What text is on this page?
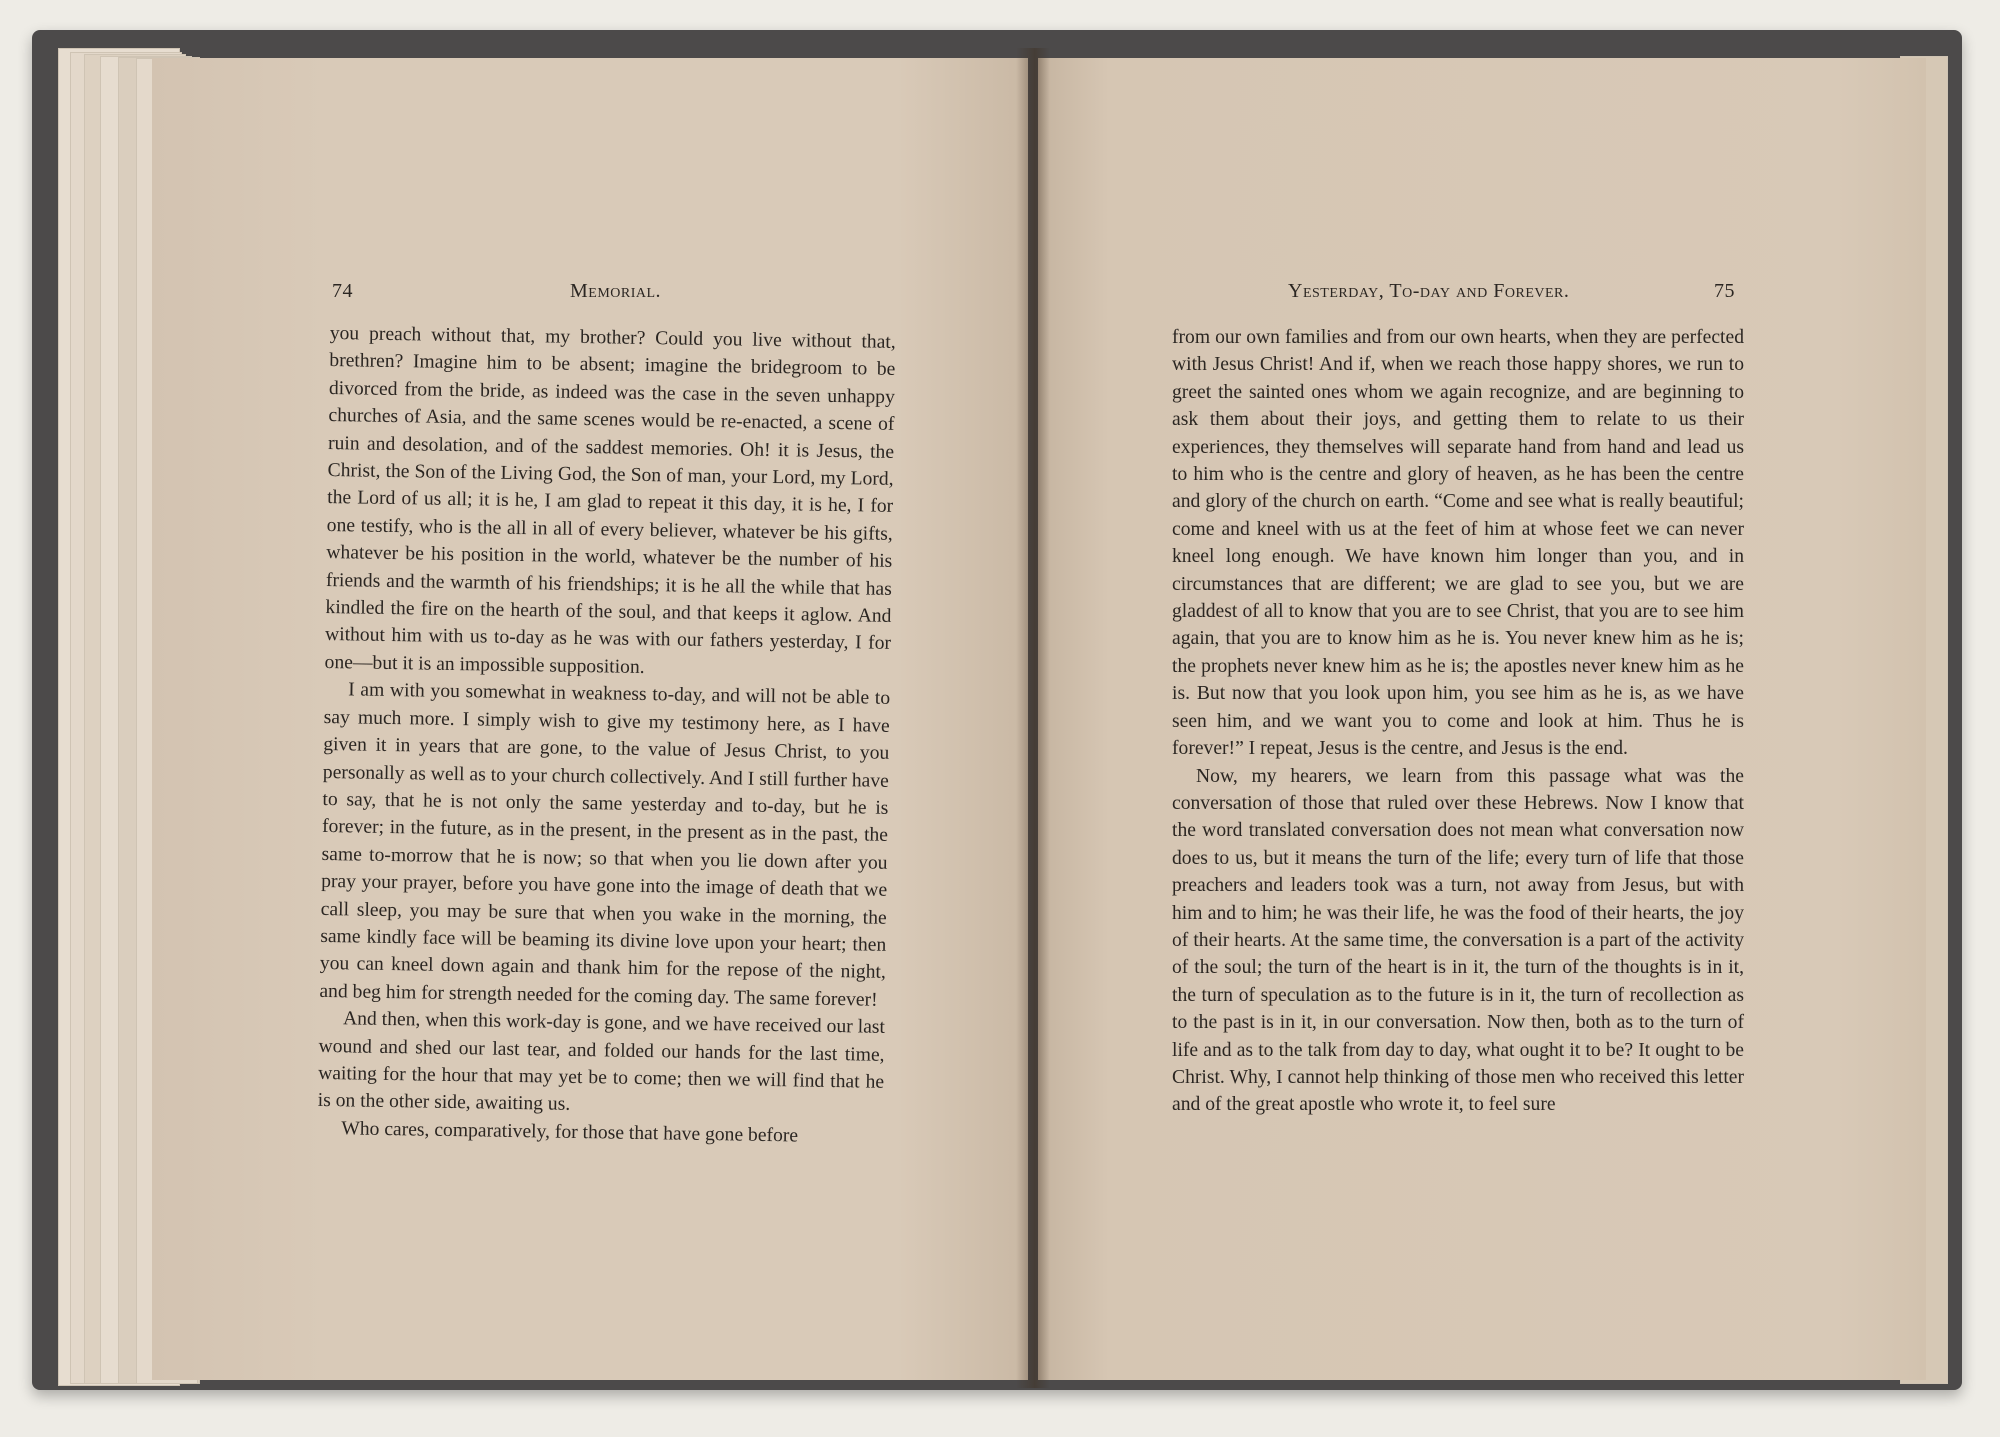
74	Memorial.

you preach without that, my brother? Could you live without that, brethren? Imagine him to be absent; imagine the bridegroom to be divorced from the bride, as indeed was the case in the seven unhappy churches of Asia, and the same scenes would be re-enacted, a scene of ruin and desolation, and of the saddest memories. Oh! it is Jesus, the Christ, the Son of the Living God, the Son of man, your Lord, my Lord, the Lord of us all; it is he, I am glad to repeat it this day, it is he, I for one testify, who is the all in all of every believer, whatever be his gifts, whatever be his position in the world, whatever be the number of his friends and the warmth of his friendships; it is he all the while that has kindled the fire on the hearth of the soul, and that keeps it aglow. And without him with us to-day as he was with our fathers yesterday, I for one—but it is an impossible supposition.

I am with you somewhat in weakness to-day, and will not be able to say much more. I simply wish to give my testimony here, as I have given it in years that are gone, to the value of Jesus Christ, to you personally as well as to your church collectively. And I still further have to say, that he is not only the same yesterday and to-day, but he is forever; in the future, as in the present, in the present as in the past, the same to-morrow that he is now; so that when you lie down after you pray your prayer, before you have gone into the image of death that we call sleep, you may be sure that when you wake in the morning, the same kindly face will be beaming its divine love upon your heart; then you can kneel down again and thank him for the repose of the night, and beg him for strength needed for the coming day. The same forever!

And then, when this work-day is gone, and we have received our last wound and shed our last tear, and folded our hands for the last time, waiting for the hour that may yet be to come; then we will find that he is on the other side, awaiting us.

Who cares, comparatively, for those that have gone before

Yesterday, To-day and Forever.	75

from our own families and from our own hearts, when they are perfected with Jesus Christ! And if, when we reach those happy shores, we run to greet the sainted ones whom we again recognize, and are beginning to ask them about their joys, and getting them to relate to us their experiences, they themselves will separate hand from hand and lead us to him who is the centre and glory of heaven, as he has been the centre and glory of the church on earth. “Come and see what is really beautiful; come and kneel with us at the feet of him at whose feet we can never kneel long enough. We have known him longer than you, and in circumstances that are different; we are glad to see you, but we are gladdest of all to know that you are to see Christ, that you are to see him again, that you are to know him as he is. You never knew him as he is; the prophets never knew him as he is; the apostles never knew him as he is. But now that you look upon him, you see him as he is, as we have seen him, and we want you to come and look at him. Thus he is forever!” I repeat, Jesus is the centre, and Jesus is the end.

Now, my hearers, we learn from this passage what was the conversation of those that ruled over these Hebrews. Now I know that the word translated conversation does not mean what conversation now does to us, but it means the turn of the life; every turn of life that those preachers and leaders took was a turn, not away from Jesus, but with him and to him; he was their life, he was the food of their hearts, the joy of their hearts. At the same time, the conversation is a part of the activity of the soul; the turn of the heart is in it, the turn of the thoughts is in it, the turn of speculation as to the future is in it, the turn of recollection as to the past is in it, in our conversation. Now then, both as to the turn of life and as to the talk from day to day, what ought it to be? It ought to be Christ. Why, I cannot help thinking of those men who received this letter and of the great apostle who wrote it, to feel sure
